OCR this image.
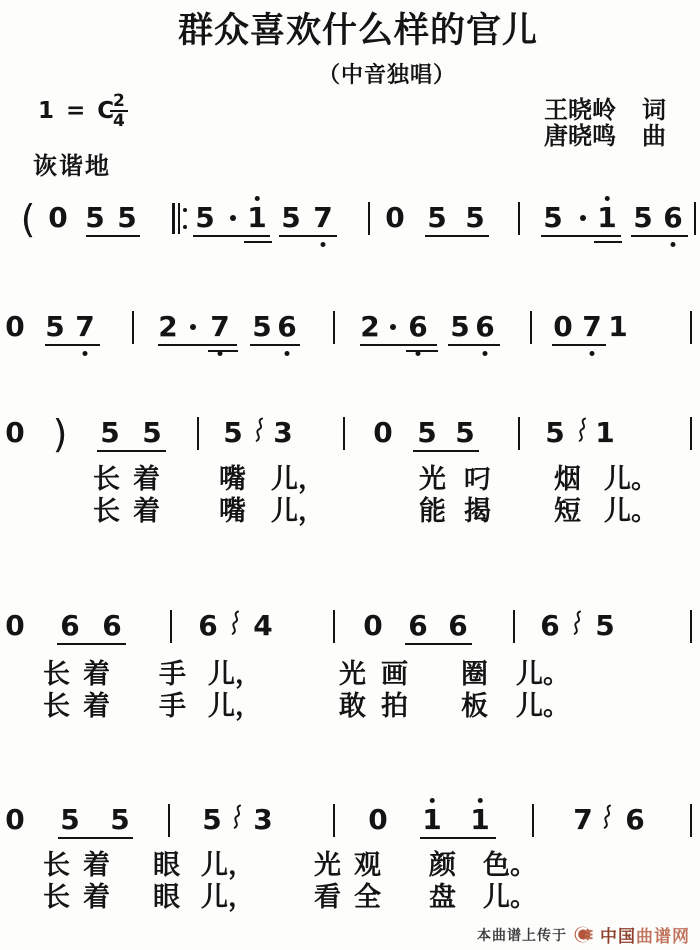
群众喜欢什么样的官儿
（中音独唱）
1 = C
$\frac{2}{4}$
诙谐地
王晓岭 词
唐晓鸣 曲
( 0 5 5 5 1 5 7 0 5 5 5 1 5 6
0 5 7 2 7 5 6 2 6 5 6 0 7 1
0 ) 5 5 5 3	0 5 5	5 1
0 6 6	6 4	0 6 6	6 5
0 5 5	5 3	0 1 1	7 6
长 着 嘴 儿，	光 叼 烟 儿。
长 着 嘴 儿，	能 揭 短 儿。
长 着 手 儿，	光 画 圈 儿。
长 着 手 儿，	敢 拍 板 儿。
长 着 眼 儿， 光 观 颜 色。
长 着 眼 儿， 看 全 盘 儿。
本曲谱上传于 中国曲谱网
